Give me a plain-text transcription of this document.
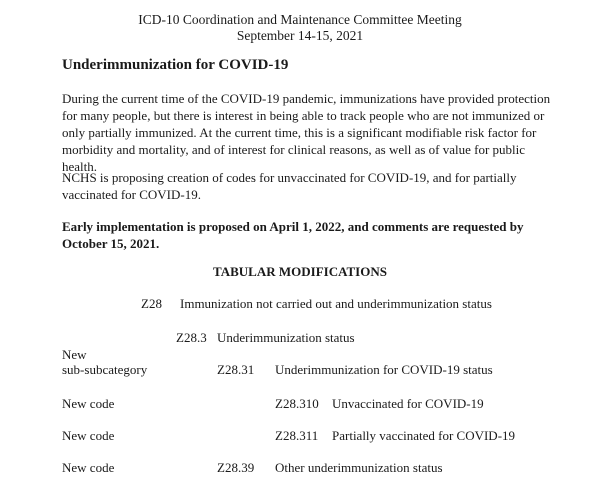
ICD-10 Coordination and Maintenance Committee Meeting
September 14-15, 2021
Underimmunization for COVID-19
During the current time of the COVID-19 pandemic, immunizations have provided protection for many people, but there is interest in being able to track people who are not immunized or only partially immunized. At the current time, this is a significant modifiable risk factor for morbidity and mortality, and of interest for clinical reasons, as well as of value for public health.
NCHS is proposing creation of codes for unvaccinated for COVID-19, and for partially vaccinated for COVID-19.
Early implementation is proposed on April 1, 2022, and comments are requested by October 15, 2021.
TABULAR MODIFICATIONS
Z28 Immunization not carried out and underimmunization status
Z28.3 Underimmunization status
New
sub-subcategory	Z28.31 Underimmunization for COVID-19 status
New code	Z28.310 Unvaccinated for COVID-19
New code	Z28.311 Partially vaccinated for COVID-19
New code	Z28.39 Other underimmunization status
